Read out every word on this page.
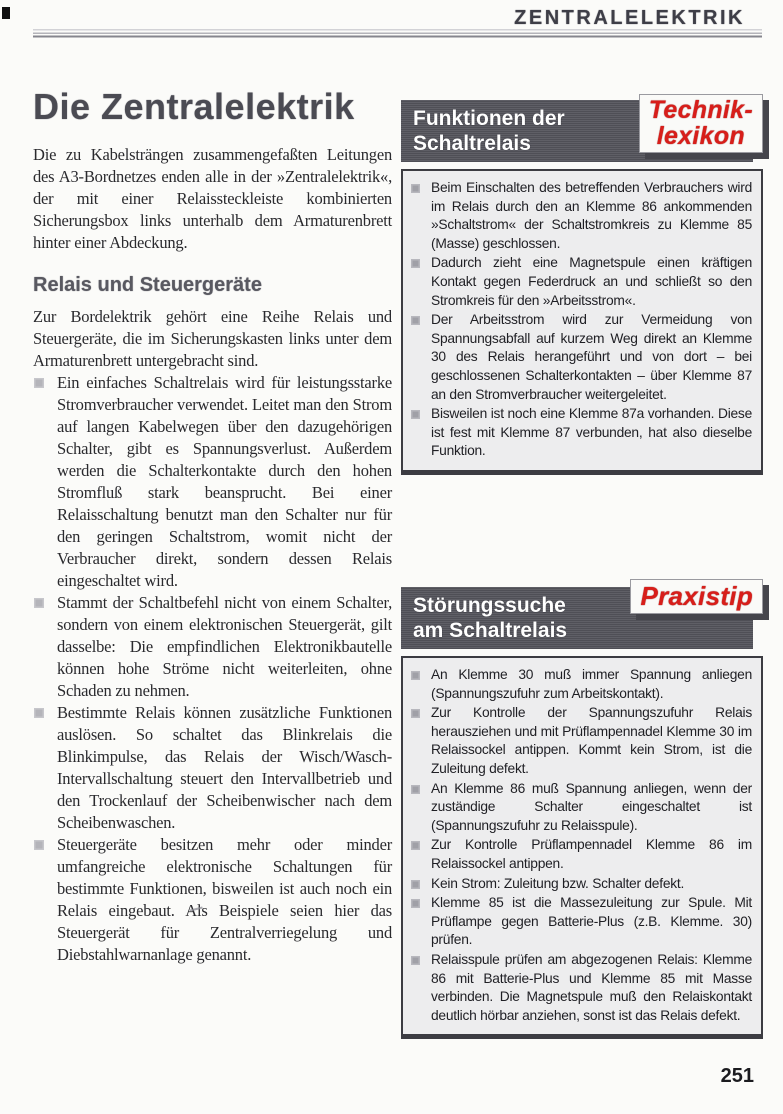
ZENTRALELEKTRIK
Die Zentralelektrik

Die zu Kabelsträngen zusammengefaßten Leitungen des A3-Bordnetzes enden alle in der »Zentralelektrik«, der mit einer Relaissteckleiste kombinierten Sicherungsbox links unterhalb dem Armaturenbrett hinter einer Abdeckung.

Relais und Steuergeräte

Zur Bordelektrik gehört eine Reihe Relais und Steuergeräte, die im Sicherungskasten links unter dem Armaturenbrett untergebracht sind.

Ein einfaches Schaltrelais wird für leistungsstarke Stromverbraucher verwendet. Leitet man den Strom auf langen Kabelwegen über den dazugehörigen Schalter, gibt es Spannungsverlust. Außerdem werden die Schalterkontakte durch den hohen Stromfluß stark beansprucht. Bei einer Relaisschaltung benutzt man den Schalter nur für den geringen Schaltstrom, womit nicht der Verbraucher direkt, sondern dessen Relais eingeschaltet wird.
Stammt der Schaltbefehl nicht von einem Schalter, sondern von einem elektronischen Steuergerät, gilt dasselbe: Die empfindlichen Elektronikbautelle können hohe Ströme nicht weiterleiten, ohne Schaden zu nehmen.
Bestimmte Relais können zusätzliche Funktionen auslösen. So schaltet das Blinkrelais die Blinkimpulse, das Relais der Wisch/Wasch-Intervallschaltung steuert den Intervallbetrieb und den Trockenlauf der Scheibenwischer nach dem Scheibenwaschen.
Steuergeräte besitzen mehr oder minder umfangreiche elektronische Schaltungen für bestimmte Funktionen, bisweilen ist auch noch ein Relais eingebaut. Als Beispiele seien hier das Steuergerät für Zentralverriegelung und Diebstahlwarnanlage genannt.
Funktionen der
Schaltrelais
Technik-
lexikon
Beim Einschalten des betreffenden Verbrauchers wird im Relais durch den an Klemme 86 ankommenden »Schaltstrom« der Schaltstromkreis zu Klemme 85 (Masse) geschlossen.
Dadurch zieht eine Magnetspule einen kräftigen Kontakt gegen Federdruck an und schließt so den Stromkreis für den »Arbeitsstrom«.
Der Arbeitsstrom wird zur Vermeidung von Spannungsabfall auf kurzem Weg direkt an Klemme 30 des Relais herangeführt und von dort – bei geschlossenen Schalterkontakten – über Klemme 87 an den Stromverbraucher weitergeleitet.
Bisweilen ist noch eine Klemme 87a vorhanden. Diese ist fest mit Klemme 87 verbunden, hat also dieselbe Funktion.
Störungssuche
am Schaltrelais
Praxistip
An Klemme 30 muß immer Spannung anliegen (Spannungszufuhr zum Arbeitskontakt).
Zur Kontrolle der Spannungszufuhr Relais herausziehen und mit Prüflampennadel Klemme 30 im Relaissockel antippen. Kommt kein Strom, ist die Zuleitung defekt.
An Klemme 86 muß Spannung anliegen, wenn der zuständige Schalter eingeschaltet ist (Spannungszufuhr zu Relaisspule).
Zur Kontrolle Prüflampennadel Klemme 86 im Relaissockel antippen.
Kein Strom: Zuleitung bzw. Schalter defekt.
Klemme 85 ist die Massezuleitung zur Spule. Mit Prüflampe gegen Batterie-Plus (z.B. Klemme. 30) prüfen.
Relaisspule prüfen am abgezogenen Relais: Klemme 86 mit Batterie-Plus und Klemme 85 mit Masse verbinden. Die Magnetspule muß den Relaiskontakt deutlich hörbar anziehen, sonst ist das Relais defekt.
251
